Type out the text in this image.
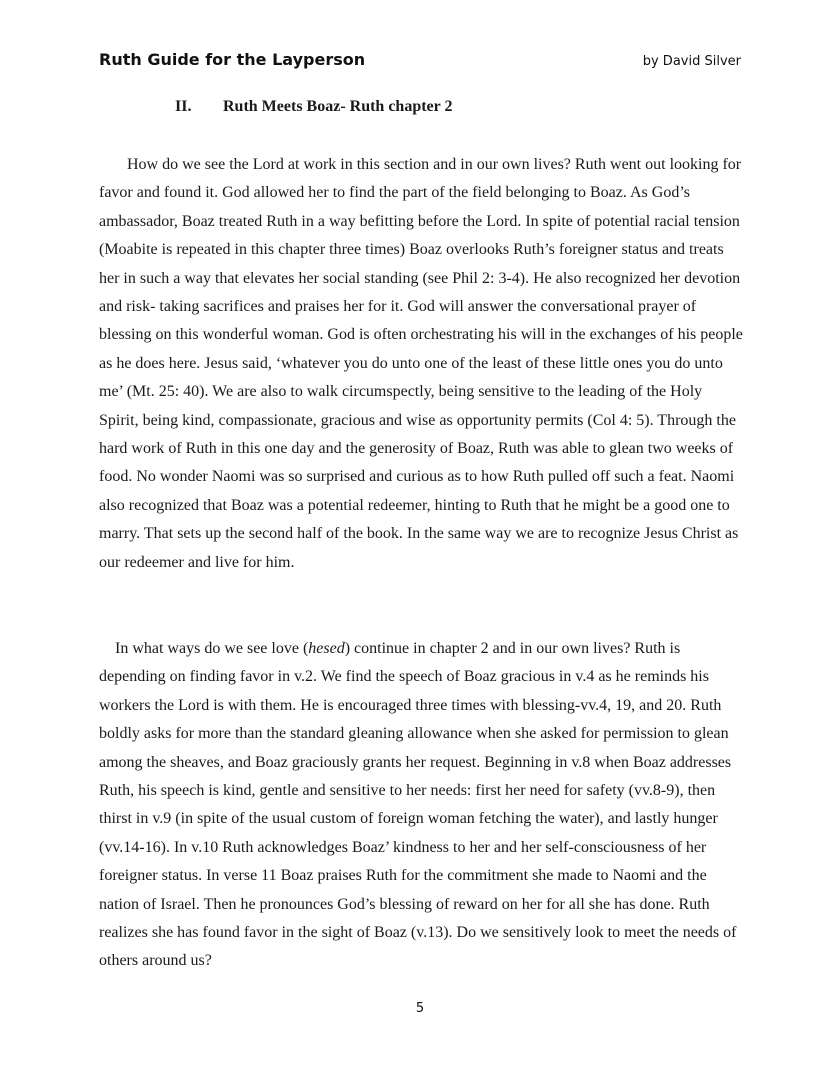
Ruth Guide for the Layperson	by David Silver
II. Ruth Meets Boaz- Ruth chapter 2

How do we see the Lord at work in this section and in our own lives? Ruth went out looking for favor and found it. God allowed her to find the part of the field belonging to Boaz. As God’s ambassador, Boaz treated Ruth in a way befitting before the Lord. In spite of potential racial tension (Moabite is repeated in this chapter three times) Boaz overlooks Ruth’s foreigner status and treats her in such a way that elevates her social standing (see Phil 2: 3-4). He also recognized her devotion and risk- taking sacrifices and praises her for it. God will answer the conversational prayer of blessing on this wonderful woman. God is often orchestrating his will in the exchanges of his people as he does here. Jesus said, ‘whatever you do unto one of the least of these little ones you do unto me’ (Mt. 25: 40). We are also to walk circumspectly, being sensitive to the leading of the Holy Spirit, being kind, compassionate, gracious and wise as opportunity permits (Col 4: 5). Through the hard work of Ruth in this one day and the generosity of Boaz, Ruth was able to glean two weeks of food. No wonder Naomi was so surprised and curious as to how Ruth pulled off such a feat. Naomi also recognized that Boaz was a potential redeemer, hinting to Ruth that he might be a good one to marry. That sets up the second half of the book. In the same way we are to recognize Jesus Christ as our redeemer and live for him.

In what ways do we see love (hesed) continue in chapter 2 and in our own lives? Ruth is depending on finding favor in v.2. We find the speech of Boaz gracious in v.4 as he reminds his workers the Lord is with them. He is encouraged three times with blessing-vv.4, 19, and 20. Ruth boldly asks for more than the standard gleaning allowance when she asked for permission to glean among the sheaves, and Boaz graciously grants her request. Beginning in v.8 when Boaz addresses Ruth, his speech is kind, gentle and sensitive to her needs: first her need for safety (vv.8-9), then thirst in v.9 (in spite of the usual custom of foreign woman fetching the water), and lastly hunger (vv.14-16). In v.10 Ruth acknowledges Boaz’ kindness to her and her self-consciousness of her foreigner status. In verse 11 Boaz praises Ruth for the commitment she made to Naomi and the nation of Israel. Then he pronounces God’s blessing of reward on her for all she has done. Ruth realizes she has found favor in the sight of Boaz (v.13). Do we sensitively look to meet the needs of others around us?

5
